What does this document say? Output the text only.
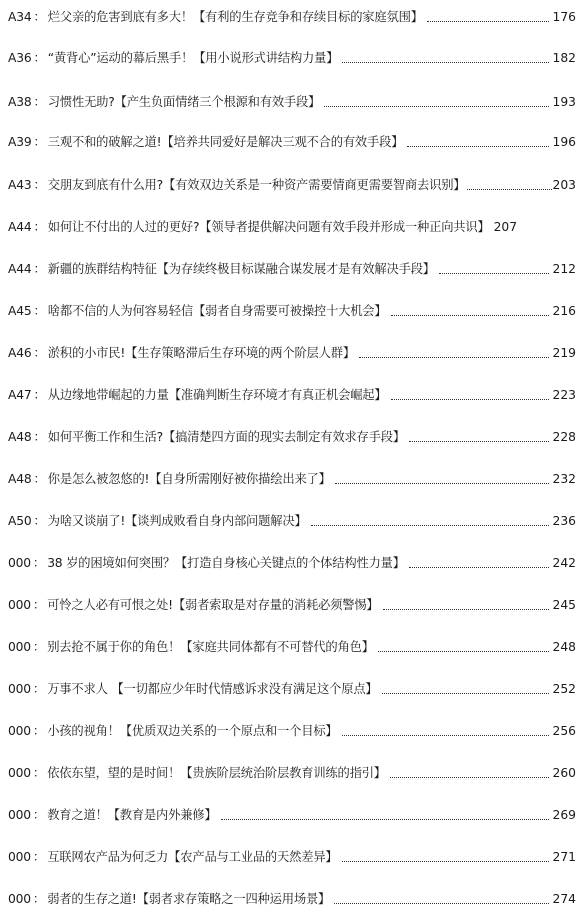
A34 ： 烂父亲的危害到底有多大！【有利的生存竞争和存续目标的家庭氛围】	176
A36 ： “黄背心”运动的幕后黑手！【用小说形式讲结构力量】	182
A38 ： 习惯性无助?【产生负面情绪三个根源和有效手段】	193
A39 ： 三观不和的破解之道!【培养共同爱好是解决三观不合的有效手段】	196
A43 ： 交朋友到底有什么用?【有效双边关系是一种资产需要情商更需要智商去识别】	203
A44 ： 如何让不付出的人过的更好?【领导者提供解决问题有效手段并形成一种正向共识】 207
A44 ： 新疆的族群结构特征【为存续终极目标谋融合谋发展才是有效解决手段】	212
A45 ： 啥都不信的人为何容易轻信【弱者自身需要可被操控十大机会】	216
A46 ： 淤积的小市民!【生存策略滞后生存环境的两个阶层人群】	219
A47 ： 从边缘地带崛起的力量【准确判断生存环境才有真正机会崛起】	223
A48 ： 如何平衡工作和生活?【搞清楚四方面的现实去制定有效求存手段】	228
A48 ： 你是怎么被忽悠的!【自身所需刚好被你描绘出来了】	232
A50 ： 为啥又谈崩了!【谈判成败看自身内部问题解决】	236
000 ： 38 岁的困境如何突围？【打造自身核心关键点的个体结构性力量】	242
000 ： 可怜之人必有可恨之处!【弱者索取是对存量的消耗必须警惕】	245
000 ： 别去抢不属于你的角色！【家庭共同体都有不可替代的角色】	248
000 ： 万事不求人 【一切都应少年时代情感诉求没有满足这个原点】	252
000 ： 小孩的视角！【优质双边关系的一个原点和一个目标】	256
000 ： 依依东望，望的是时间！【贵族阶层统治阶层教育训练的指引】	260
000 ： 教育之道！【教育是内外兼修】	269
000 ： 互联网农产品为何乏力【农产品与工业品的天然差异】	271
000 ： 弱者的生存之道!【弱者求存策略之一四种运用场景】	274
